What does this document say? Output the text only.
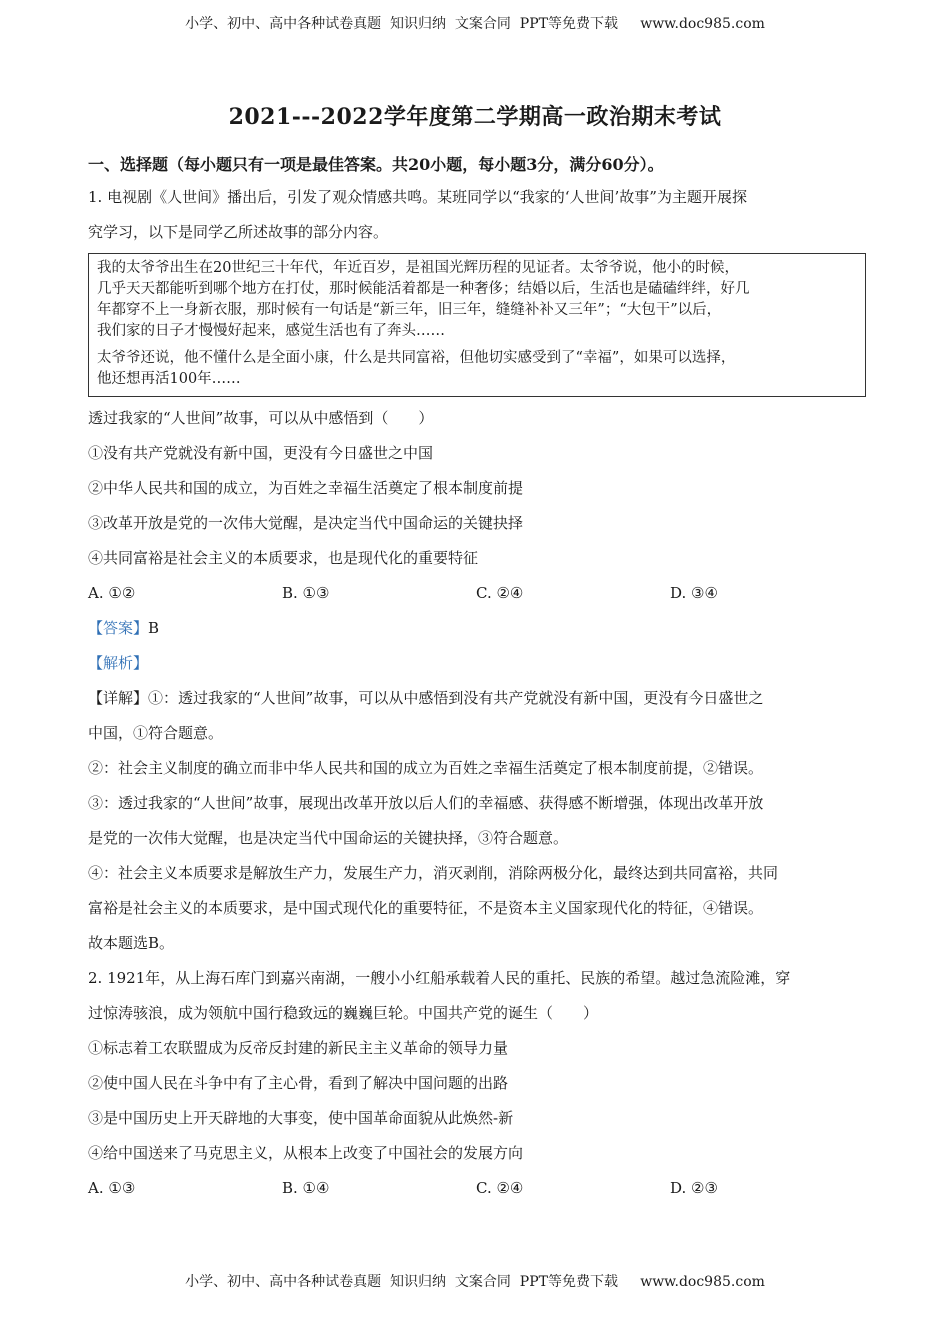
小学、初中、高中各种试卷真题  知识归纳  文案合同  PPT等免费下载     www.doc985.com
2021---2022学年度第二学期高一政治期末考试
一、选择题（每小题只有一项是最佳答案。共20小题，每小题3分，满分60分）。
1. 电视剧《人世间》播出后，引发了观众情感共鸣。某班同学以“我家的‘人世间’故事”为主题开展探
究学习，以下是同学乙所述故事的部分内容。
我的太爷爷出生在20世纪三十年代，年近百岁，是祖国光辉历程的见证者。太爷爷说，他小的时候，
几乎天天都能听到哪个地方在打仗，那时候能活着都是一种奢侈；结婚以后，生活也是磕磕绊绊，好几
年都穿不上一身新衣服，那时候有一句话是“新三年，旧三年，缝缝补补又三年”；“大包干”以后，
我们家的日子才慢慢好起来，感觉生活也有了奔头……
太爷爷还说，他不懂什么是全面小康，什么是共同富裕，但他切实感受到了“幸福”，如果可以选择，
他还想再活100年……
透过我家的“人世间”故事，可以从中感悟到（　　）
①没有共产党就没有新中国，更没有今日盛世之中国
②中华人民共和国的成立，为百姓之幸福生活奠定了根本制度前提
③改革开放是党的一次伟大觉醒，是决定当代中国命运的关键抉择
④共同富裕是社会主义的本质要求，也是现代化的重要特征
A. ①②	B. ①③	C. ②④	D. ③④
【答案】B
【解析】
【详解】①：透过我家的“人世间”故事，可以从中感悟到没有共产党就没有新中国，更没有今日盛世之
中国，①符合题意。
②：社会主义制度的确立而非中华人民共和国的成立为百姓之幸福生活奠定了根本制度前提，②错误。
③：透过我家的“人世间”故事，展现出改革开放以后人们的幸福感、获得感不断增强，体现出改革开放
是党的一次伟大觉醒，也是决定当代中国命运的关键抉择，③符合题意。
④：社会主义本质要求是解放生产力，发展生产力，消灭剥削，消除两极分化，最终达到共同富裕，共同
富裕是社会主义的本质要求，是中国式现代化的重要特征，不是资本主义国家现代化的特征，④错误。
故本题选B。
2. 1921年，从上海石库门到嘉兴南湖，一艘小小红船承载着人民的重托、民族的希望。越过急流险滩，穿
过惊涛骇浪，成为领航中国行稳致远的巍巍巨轮。中国共产党的诞生（　　）
①标志着工农联盟成为反帝反封建的新民主主义革命的领导力量
②使中国人民在斗争中有了主心骨，看到了解决中国问题的出路
③是中国历史上开天辟地的大事变，使中国革命面貌从此焕然-新
④给中国送来了马克思主义，从根本上改变了中国社会的发展方向
A. ①③	B. ①④	C. ②④	D. ②③
小学、初中、高中各种试卷真题  知识归纳  文案合同  PPT等免费下载     www.doc985.com
